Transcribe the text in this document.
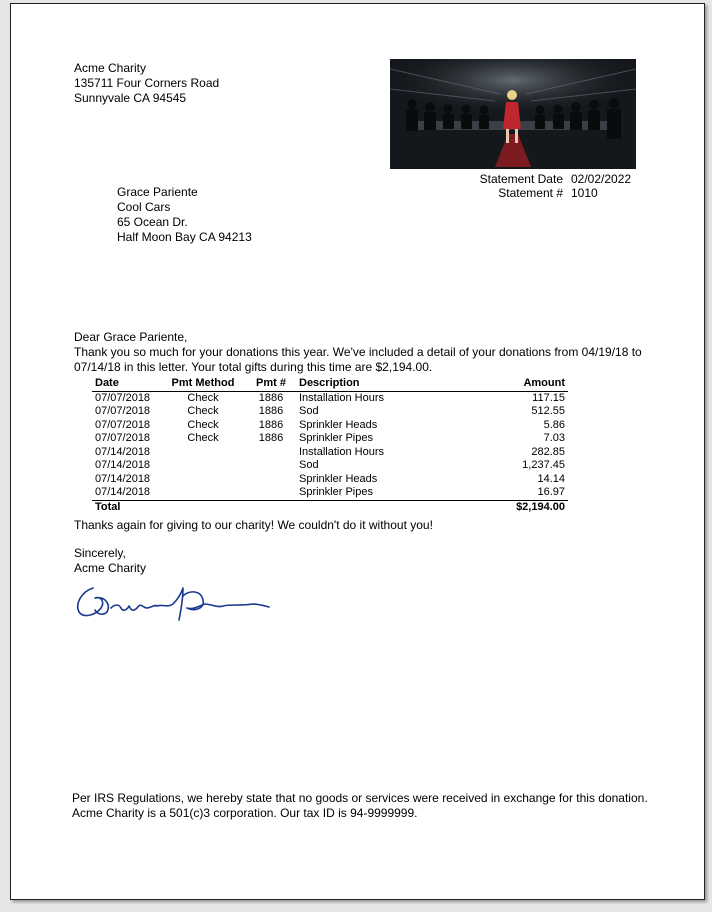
Acme Charity
135711 Four Corners Road
Sunnyvale CA 94545
Statement Date 02/02/2022
Statement # 1010
Grace Pariente
Cool Cars
65 Ocean Dr.
Half Moon Bay CA 94213
Dear Grace Pariente,
Thank you so much for your donations this year. We've included a detail of your donations from 04/19/18 to 07/14/18 in this letter. Your total gifts during this time are $2,194.00.
Date	Pmt Method	Pmt #	Description	Amount
07/07/2018	Check	1886	Installation Hours	117.15
07/07/2018	Check	1886	Sod	512.55
07/07/2018	Check	1886	Sprinkler Heads	5.86
07/07/2018	Check	1886	Sprinkler Pipes	7.03
07/14/2018			Installation Hours	282.85
07/14/2018			Sod	1,237.45
07/14/2018			Sprinkler Heads	14.14
07/14/2018			Sprinkler Pipes	16.97
Total				$2,194.00
Thanks again for giving to our charity! We couldn't do it without you!
Sincerely,
Acme Charity
Per IRS Regulations, we hereby state that no goods or services were received in exchange for this donation.
Acme Charity is a 501(c)3 corporation. Our tax ID is 94-9999999.
